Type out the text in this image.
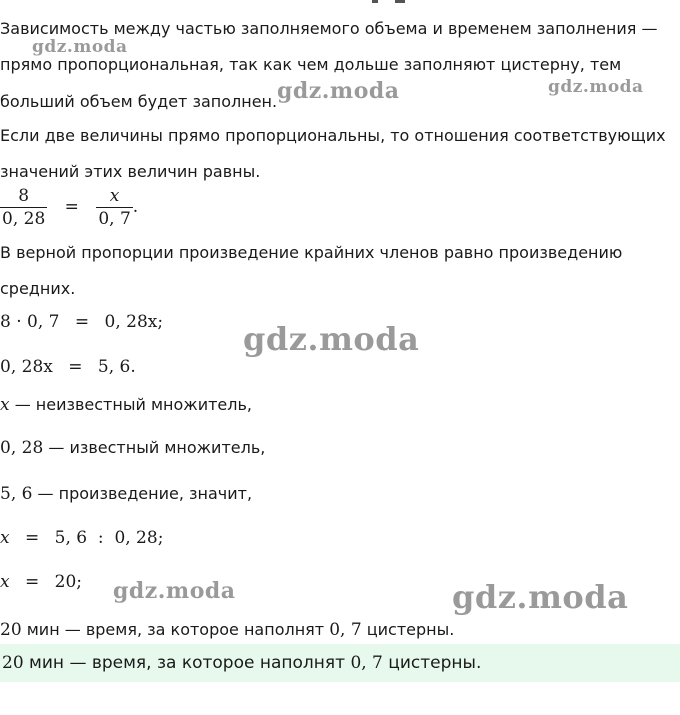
Зависимость между частью заполняемого объема и временем заполнения —
gdz.moda
прямо пропорциональная, так как чем дольше заполняют цистерну, тем
больший объем будет заполнен. gdz.moda	gdz.moda
Если две величины прямо пропорциональны, то отношения соответствующих
значений этих величин равны.
$\frac{8}{0, 28} = \frac{x}{0, 7}$ .
В верной пропорции произведение крайних членов равно произведению
средних.
8 · 0, 7 = 0, 28x; gdz.moda
0, 28x = 5, 6.
x — неизвестный множитель,
0, 28 — известный множитель,
5, 6 — произведение, значит,
x = 5, 6  :  0, 28;
x = 20; gdz.moda	gdz.moda
20 мин — время, за которое наполнят 0, 7 цистерны.
20 мин — время, за которое наполнят 0, 7 цистерны.
